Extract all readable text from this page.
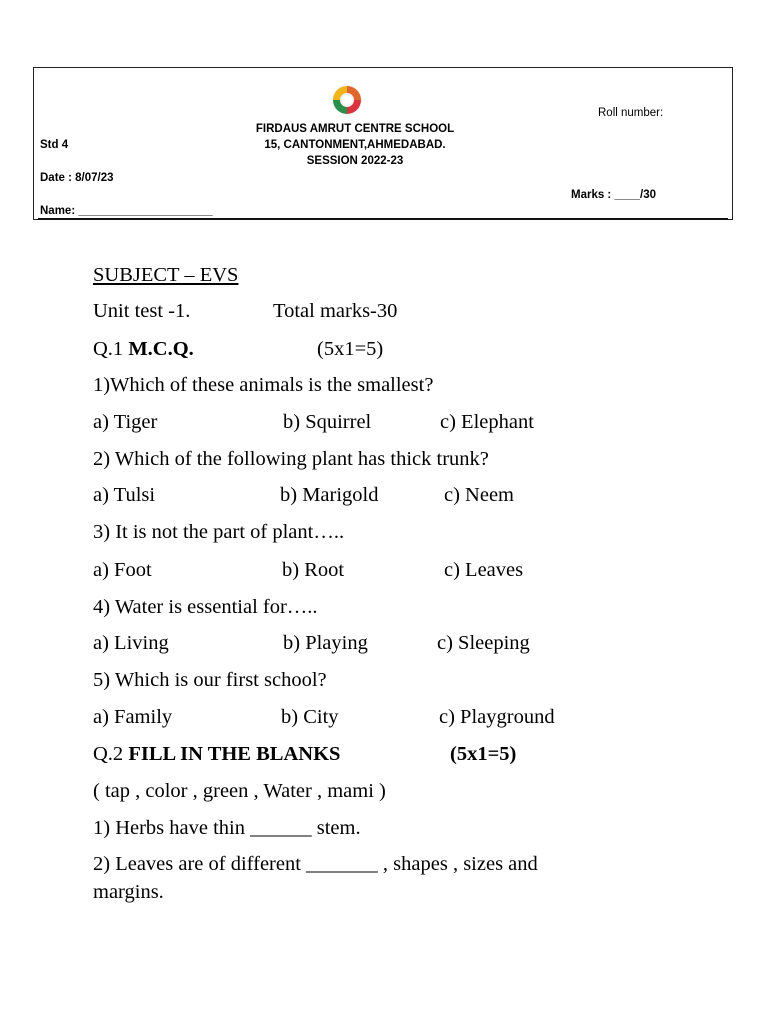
Roll number:
FIRDAUS AMRUT CENTRE SCHOOL
Std 4	15, CANTONMENT,AHMEDABAD.
SESSION 2022-23
Date : 8/07/23
Marks : ____/30
Name: _____________________
SUBJECT – EVS
Unit test -1.	Total marks-30
Q.1 M.C.Q.	(5x1=5)
1)Which of these animals is the smallest?
a) Tiger	b) Squirrel	c) Elephant
2) Which of the following plant has thick trunk?
a) Tulsi	b) Marigold	c) Neem
3) It is not the part of plant…..
a) Foot	b) Root	c) Leaves
4) Water is essential for…..
a) Living	b) Playing	c) Sleeping
5) Which is our first school?
a) Family	b) City	c) Playground
Q.2 FILL IN THE BLANKS	(5x1=5)
( tap , color , green , Water , mami )
1) Herbs have thin ______ stem.
2) Leaves are of different _______ , shapes , sizes and margins.
